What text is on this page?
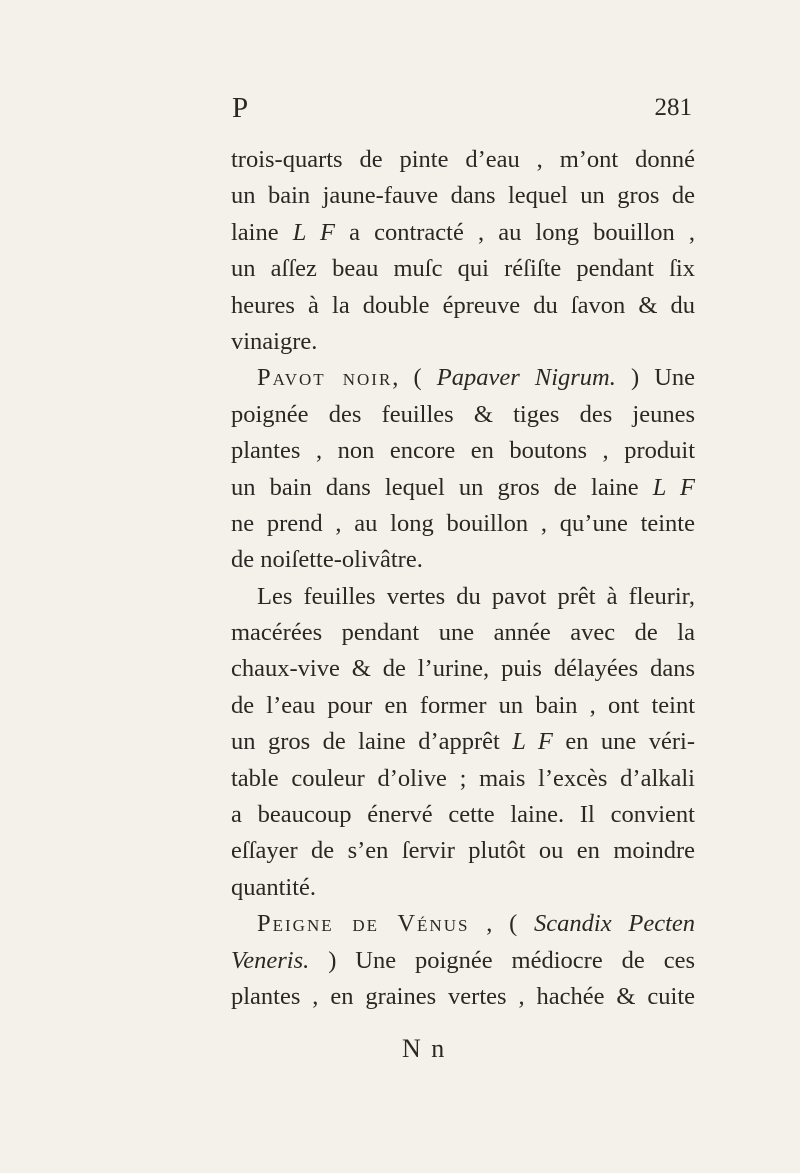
P	281
trois-quarts de pinte d’eau , m’ont donné
un bain jaune-fauve dans lequel un gros de
laine L F a contracté , au long bouillon ,
un aſſez beau muſc qui réſiſte pendant ſix
heures à la double épreuve du ſavon & du
vinaigre.
Pavot noir, ( Papaver Nigrum. ) Une
poignée des feuilles & tiges des jeunes
plantes , non encore en boutons , produit
un bain dans lequel un gros de laine L F
ne prend , au long bouillon , qu’une teinte
de noiſette-olivâtre.
Les feuilles vertes du pavot prêt à fleurir,
macérées pendant une année avec de la
chaux-vive & de l’urine, puis délayées dans
de l’eau pour en former un bain , ont teint
un gros de laine d’apprêt L F en une véri-
table couleur d’olive ; mais l’excès d’alkali
a beaucoup énervé cette laine. Il convient
eſſayer de s’en ſervir plutôt ou en moindre
quantité.
Peigne de Vénus , ( Scandix Pecten
Veneris. ) Une poignée médiocre de ces
plantes , en graines vertes , hachée & cuite
N n
